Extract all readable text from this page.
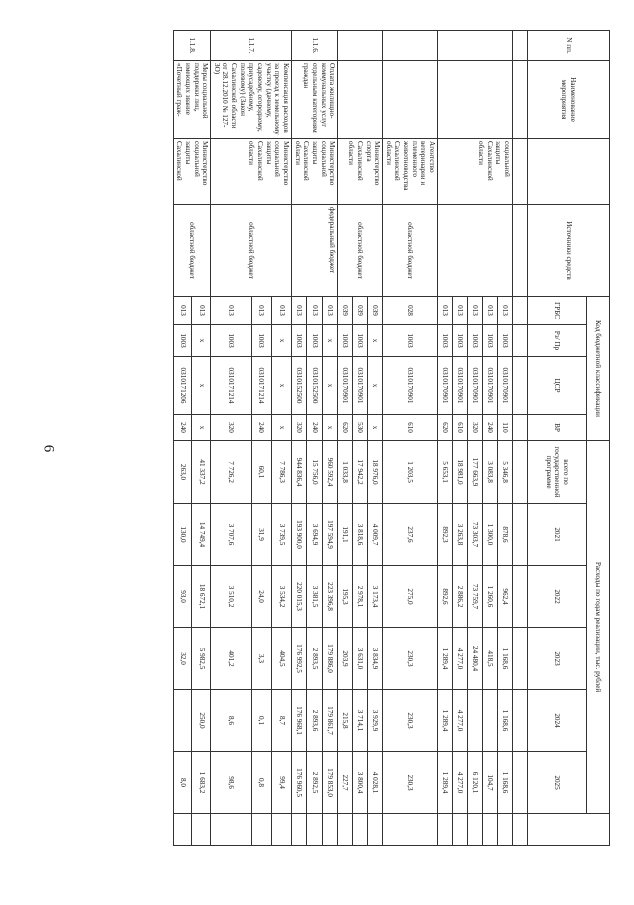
6
N пп.	Наименование мероприятия		Источники средств	Код бюджетной классификации				Расходы по годам реализации, тыс. рублей						
				ГРБС	Рз/ Пр	ЦСР	ВР	всего по государственной программе	2021	2022	2023	2024	2025	

		социальной защиты Сахалинской области		013	1003	0310170901	110	5 346,8	878,6	962,4	1 168,6	1 168,6	1 168,6	
				013	1003	0310170901	240	3 083,8	1 300,0	1 260,6	418,5		104,7	
				013	1003	0310170901	320	177 663,9	73 303,7	73 759,7	24 480,4		6 120,1	
				013	1003	0310170901	610	18 981,0	3 263,8	2 886,2	4 277,0	4 277,0	4 277,0	
				013	1003	0310170901	620	5 653,1	892,3	892,6	1 289,4	1 289,4	1 289,4	
		Агентство ветеринарии и племенного животноводства Сахалинской области	областной бюджет	028	1003	0310170901	610	1 203,5	237,6	275,0	230,3	230,3	230,3	
		Министерство спорта Сахалинской области	областной бюджет	039	x	x	x	18 976,0	4 009,7	3 173,4	3 834,9	3 929,9	4 028,1	
				039	1003	0310170901	530	17 942,2	3 818,6	2 978,1	3 631,0	3 714,1	3 800,4	
				039	1003	0310170901	620	1 033,8	191,1	195,3	203,9	215,8	227,7	
1.1.6.	Оплата жилищно-коммунальных услуг отдельным категориям граждан	Министерство социальной защиты Сахалинской области	федеральный бюджет	013	x	x	x	960 592,4	197 594,9	223 396,8	179 886,0	179 861,7	179 853,0	
				013	1003	0310152500	240	15 756,0	3 694,9	3 381,5	2 893,5	2 893,6	2 892,5	
				013	1003	0310152500	320	944 836,4	193 900,0	220 015,3	176 992,5	176 968,1	176 960,5	
1.1.7.	Компенсация расходов за проезд к земельному участку (дачному, садовому, огородному, приусадебному, полевому) (Закон Сахалинской области от 28.12.2010 № 127-ЗО)	Министерство социальной защиты Сахалинской области	областной бюджет	013	x	x	x	7 786,3	3 739,5	3 534,2	404,5	8,7	99,4	
				013	1003	0310171214	240	60,1	31,9	24,0	3,3	0,1	0,8	
				013	1003	0310171214	320	7 726,2	3 707,6	3 510,2	401,2	8,6	98,6	
1.1.8.	Меры социальной поддержки лиц, имеющих звание «Почетный граж-	Министерство социальной защиты Сахалинской	областной бюджет	013	x	x	x	41 337,2	14 749,4	18 672,1	5 982,5	250,0	1 683,2	
				013	1003	0310171206	240	263,0	130,0	93,0	32,0		8,0	
